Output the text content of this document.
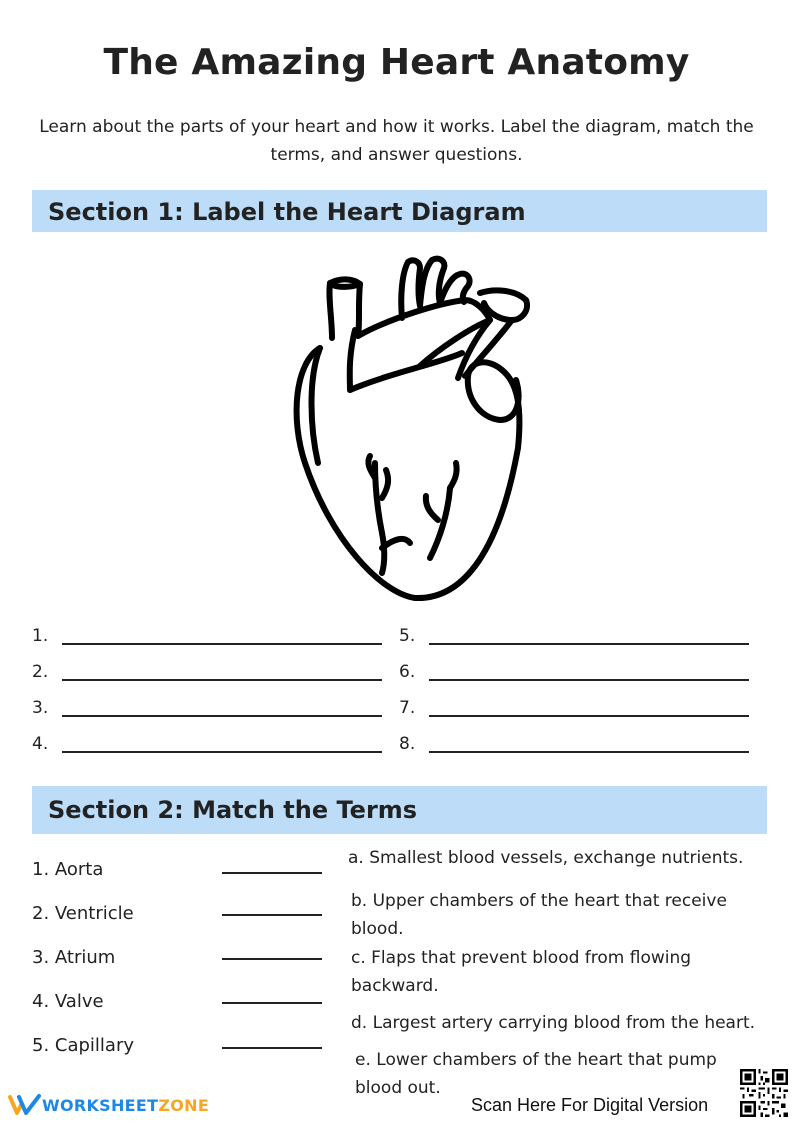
The Amazing Heart Anatomy
Learn about the parts of your heart and how it works. Label the diagram, match the terms, and answer questions.
Section 1: Label the Heart Diagram
1.
2.
3.
4.
5.
6.
7.
8.
Section 2: Match the Terms
1. Aorta
2. Ventricle
3. Atrium
4. Valve
5. Capillary
a. Smallest blood vessels, exchange nutrients.
b. Upper chambers of the heart that receive blood.
c. Flaps that prevent blood from flowing backward.
d. Largest artery carrying blood from the heart.
e. Lower chambers of the heart that pump blood out.
WORKSHEETZONE	Scan Here For Digital Version
